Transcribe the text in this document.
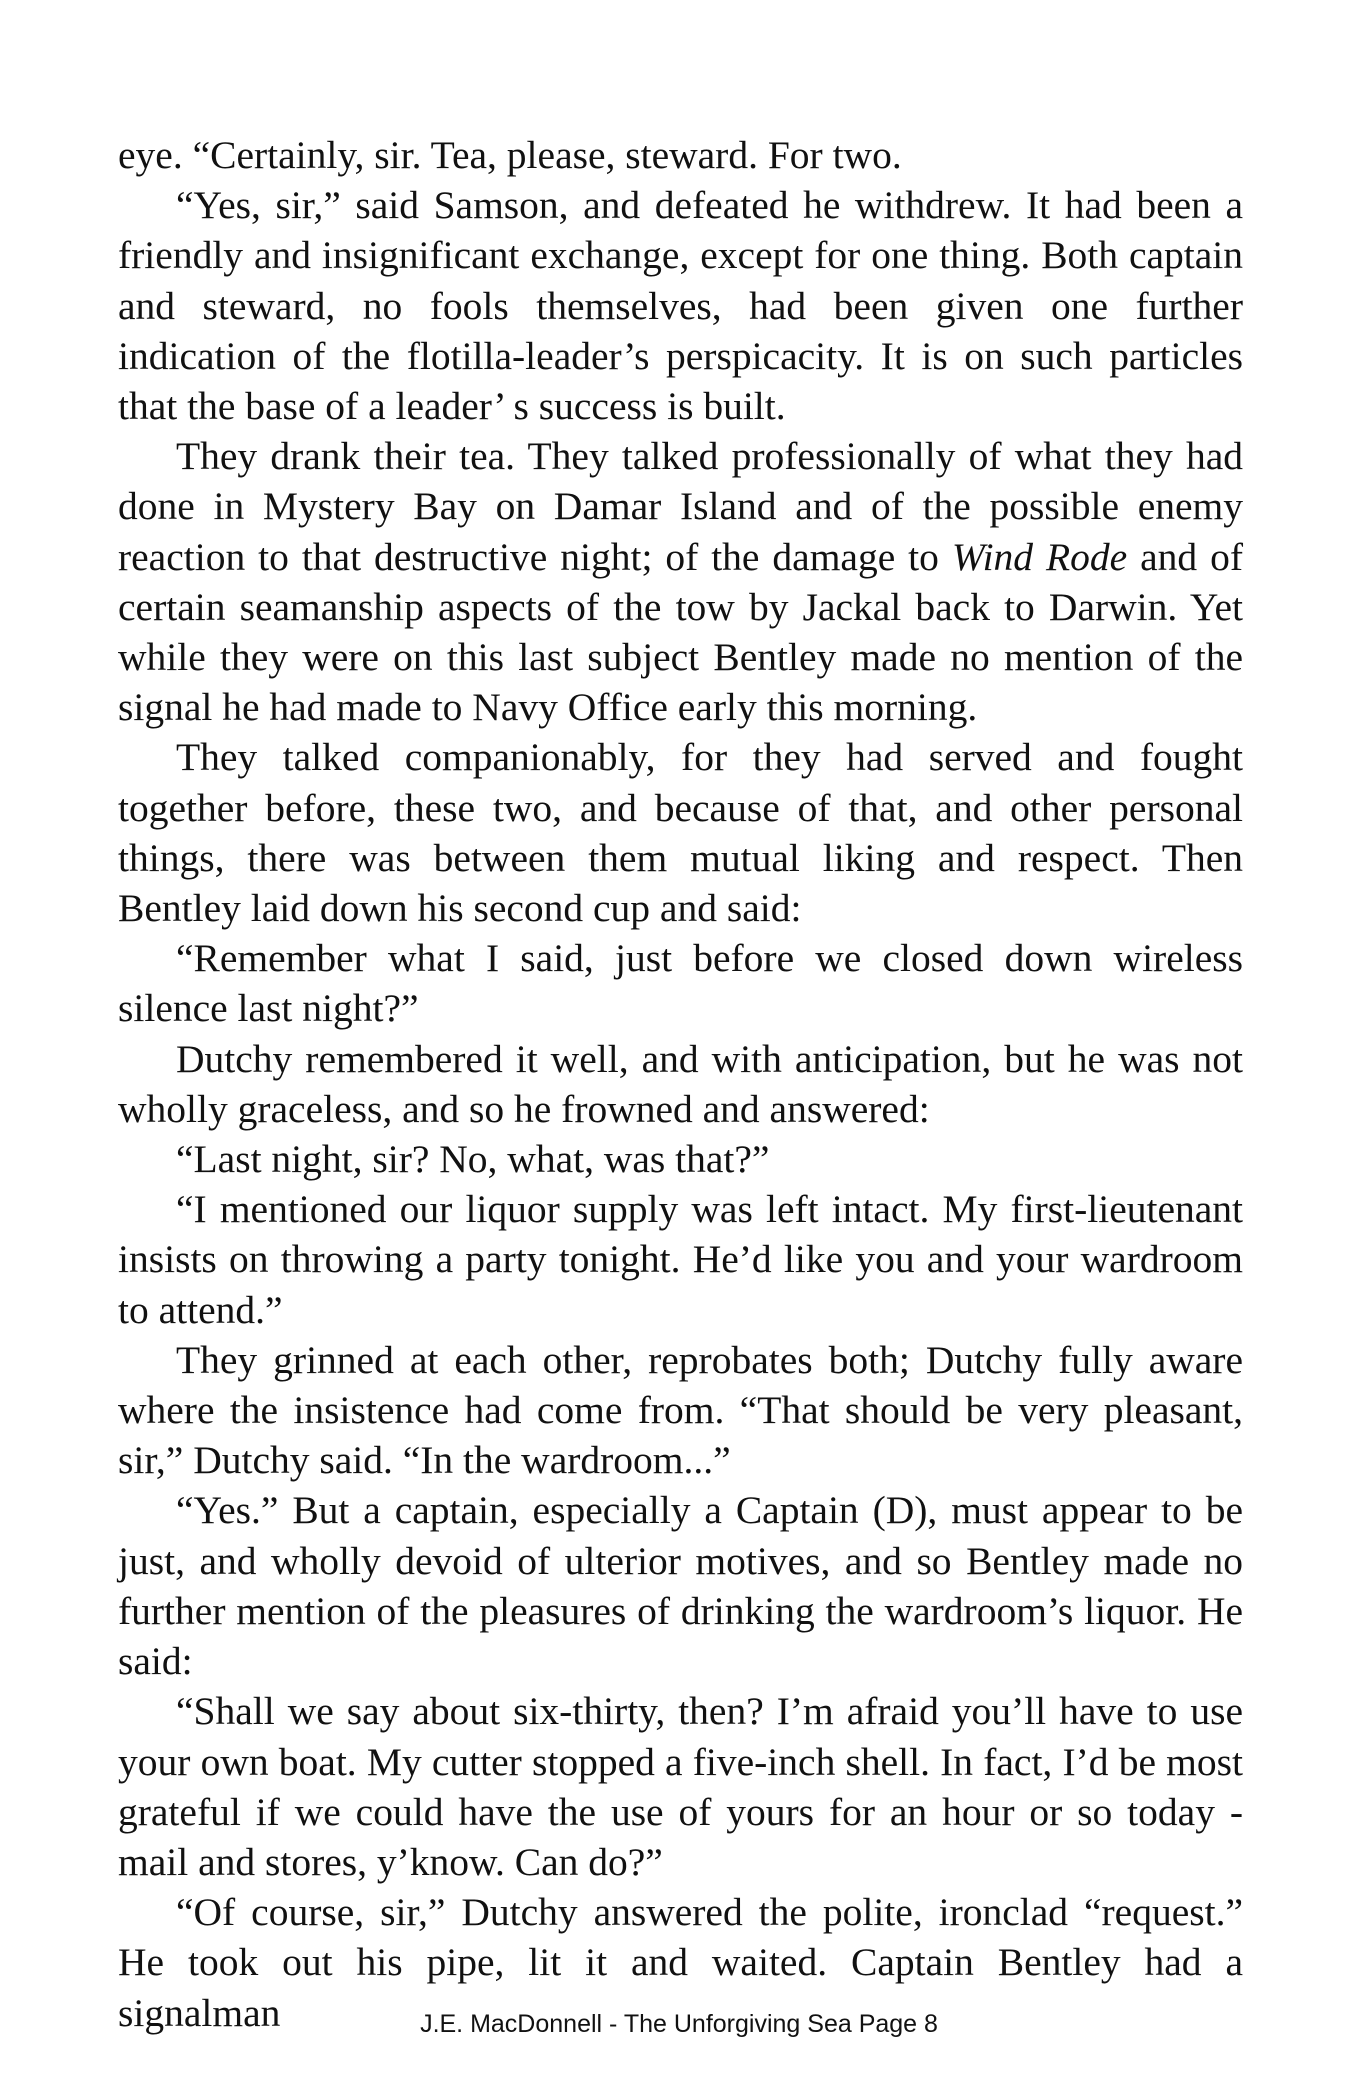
eye. “Certainly, sir. Tea, please, steward. For two.

“Yes, sir,” said Samson, and defeated he withdrew. It had been a friendly and insignificant exchange, except for one thing. Both captain and steward, no fools themselves, had been given one further indication of the flotilla-leader’s perspicacity. It is on such particles that the base of a leader’ s success is built.

They drank their tea. They talked professionally of what they had done in Mystery Bay on Damar Island and of the possible enemy reaction to that destructive night; of the damage to Wind Rode and of certain seamanship aspects of the tow by Jackal back to Darwin. Yet while they were on this last subject Bentley made no mention of the signal he had made to Navy Office early this morning.

They talked companionably, for they had served and fought together before, these two, and because of that, and other personal things, there was between them mutual liking and respect. Then Bentley laid down his second cup and said:

“Remember what I said, just before we closed down wireless silence last night?”

Dutchy remembered it well, and with anticipation, but he was not wholly graceless, and so he frowned and answered:

“Last night, sir? No, what, was that?”

“I mentioned our liquor supply was left intact. My first-lieutenant insists on throwing a party tonight. He’d like you and your wardroom to attend.”

They grinned at each other, reprobates both; Dutchy fully aware where the insistence had come from. “That should be very pleasant, sir,” Dutchy said. “In the wardroom...”

“Yes.” But a captain, especially a Captain (D), must appear to be just, and wholly devoid of ulterior motives, and so Bentley made no further mention of the pleasures of drinking the wardroom’s liquor. He said:

“Shall we say about six-thirty, then? I’m afraid you’ll have to use your own boat. My cutter stopped a five-inch shell. In fact, I’d be most grateful if we could have the use of yours for an hour or so today - mail and stores, y’know. Can do?”

“Of course, sir,” Dutchy answered the polite, ironclad “request.” He took out his pipe, lit it and waited. Captain Bentley had a signalman	J.E. MacDonnell - The Unforgiving Sea Page 8
